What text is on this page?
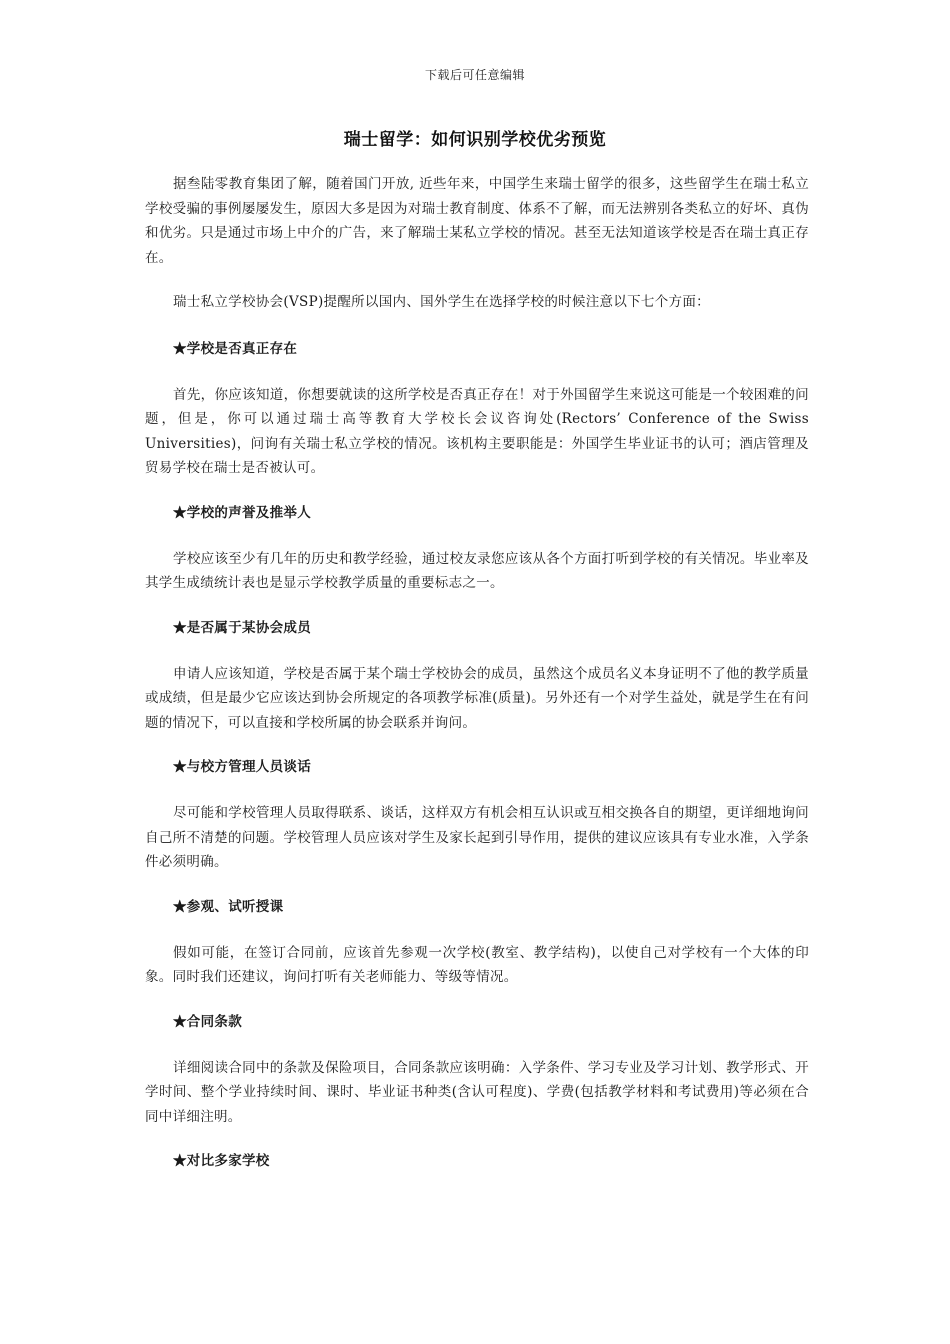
下载后可任意编辑
瑞士留学：如何识别学校优劣预览

据叁陆零教育集团了解，随着国门开放, 近些年来，中国学生来瑞士留学的很多，这些留学生在瑞士私立学校受骗的事例屡屡发生，原因大多是因为对瑞士教育制度、体系不了解，而无法辨别各类私立的好坏、真伪和优劣。只是通过市场上中介的广告，来了解瑞士某私立学校的情况。甚至无法知道该学校是否在瑞士真正存在。

瑞士私立学校协会(VSP)提醒所以国内、国外学生在选择学校的时候注意以下七个方面：

★学校是否真正存在

首先，你应该知道，你想要就读的这所学校是否真正存在！对于外国留学生来说这可能是一个较困难的问题，但是，你可以通过瑞士高等教育大学校长会议咨询处(Rectors’ Conference of the Swiss Universities)，问询有关瑞士私立学校的情况。该机构主要职能是：外国学生毕业证书的认可；酒店管理及贸易学校在瑞士是否被认可。

★学校的声誉及推举人

学校应该至少有几年的历史和教学经验，通过校友录您应该从各个方面打听到学校的有关情况。毕业率及其学生成绩统计表也是显示学校教学质量的重要标志之一。

★是否属于某协会成员

申请人应该知道，学校是否属于某个瑞士学校协会的成员，虽然这个成员名义本身证明不了他的教学质量或成绩，但是最少它应该达到协会所规定的各项教学标准(质量)。另外还有一个对学生益处，就是学生在有问题的情况下，可以直接和学校所属的协会联系并询问。

★与校方管理人员谈话

尽可能和学校管理人员取得联系、谈话，这样双方有机会相互认识或互相交换各自的期望，更详细地询问自己所不清楚的问题。学校管理人员应该对学生及家长起到引导作用，提供的建议应该具有专业水准，入学条件必须明确。

★参观、试听授课

假如可能，在签订合同前，应该首先参观一次学校(教室、教学结构)，以使自己对学校有一个大体的印象。同时我们还建议，询问打听有关老师能力、等级等情况。

★合同条款

详细阅读合同中的条款及保险项目，合同条款应该明确：入学条件、学习专业及学习计划、教学形式、开学时间、整个学业持续时间、课时、毕业证书种类(含认可程度)、学费(包括教学材料和考试费用)等必须在合同中详细注明。

★对比多家学校
